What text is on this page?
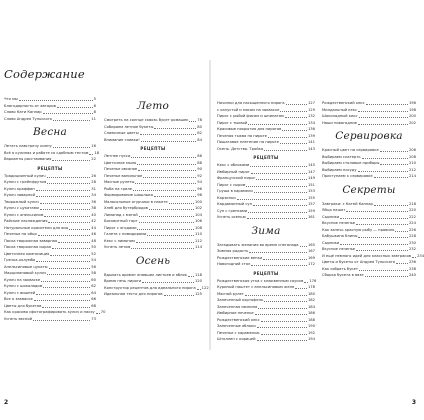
Содержание
Что мы	5
Благодарность от авторов	6
Слово Кати Каплар	8
Слово Андрея Тульского	11
Весна
Летать навстречу кипну	16
Всё о кулинах и работе со сдобным тестом 18
Варианты расстаивания	22
РЕЦЕПТЫ
Традиционный кулич	26
Кулич с грейпфрутом	28
Кулич краффин	31
Кулич заварной	34
Творожный кулич	36
Кулич с цукатами	38
Кулич с апельсином	40
Райские наслаждения	42
Натуральные красители для яиц	44
Печенье на яйцо	46
Пасха творожная заварная	48
Пасха творожная сырая	50
Цветочная композиция	52
Гречка-колумба	54
Апельсиновые цукаты	56
Марципановый кулич	58
Кулич на закваске	60
Кулич с шоколадом	62
Кулич с вишней	64
Все о закваске	66
Цветы для букетов	68
Как красиво сфотографировать кулич и пасху 70
Успеть весной	73
Лето
Смотреть на солнце сквозь букет ромашек 78
Собираем летние букеты	80
Сливочные цветы	82
Внимание сливки!	84
РЕЦЕПТЫ
Летнее пусси	86
Цветочное мыло	88
Печенье овсяное	90
Печенье ванильное	92
Мясные рулеты	94
Рыба на гриле	96
Формирование шашлыка	98
Малосольные огурчики в пакете	100
Хлеб для бутербродов	102
Лимонад с мятой	104
Бисквитный торт	106
Пирог с ягодами	108
Галета с помидорами	110
Кекс с лимоном	112
Успеть летом	114
Осень
Вдыхать аромат опавших листьев и яблок 118
Время печь пироги	120
Конструктор рецептов для идеального пирога 122
Идеальное тесто для пирогов	125
2
Начинки для насыщенного пирога	127
с капустой и мясом на закваске	129
Пирог с рыбой фисом и шпинатом	132
Пирог с тыквой	134
Красивые покрытия для пирогов	136
Печеная тыква на пироге	139
Пошаговое плетение на пироге	141
Осень. Детство. Тройка	143
РЕЦЕПТЫ
Кекс с яблоками	145
Имбирный пирог	147
Французский пирог	149
Пирог с сыром	151
Груша в карамели	153
Корзинки	155
Кардамонный суп	157
Суп с гренками	159
Успеть осенью	161
Зима
Загадывать желания во время снегопада	165
Зимняя радость	167
Рождественские венки	169
Новогодний стол	172
РЕЦЕПТЫ
Рождественская утка с клюквенным соусом 176
Куриный паштет с апельсиновым желе	178
Мясной рулет	180
Запеченный картофель	182
Запеченная свинина	184
Имбирное печенье	186
Рождественский кекс	188
Запеченные яблоки	190
Печенье с карамелью	192
Штоллен с корицей	194
Рождественский кекс	196
Миндальный кекс	198
Шоколадный кекс	200
Наши новогодние	202
Сервировка
Красный цвет на сервировке	206
Выбираем скатерть	208
Выбираем столовые приборы	210
Выбираем посуду	212
Приступаем к сервировке	214
Секреты
Завтраки: с Катей Каплар	218
Яйцо пашот	220
Сырники	222
Вкусное печенье	224
Как запечь красную рыбу — правило	226
Бабушкина блины	228
Сырники	230
Вкусное печенье	232
И ещё немного идей для классных завтраков 234
Цветы и букеты от Андрея Тульского	236
Как собрать букет	238
Сборка букета в вазе	240
3
